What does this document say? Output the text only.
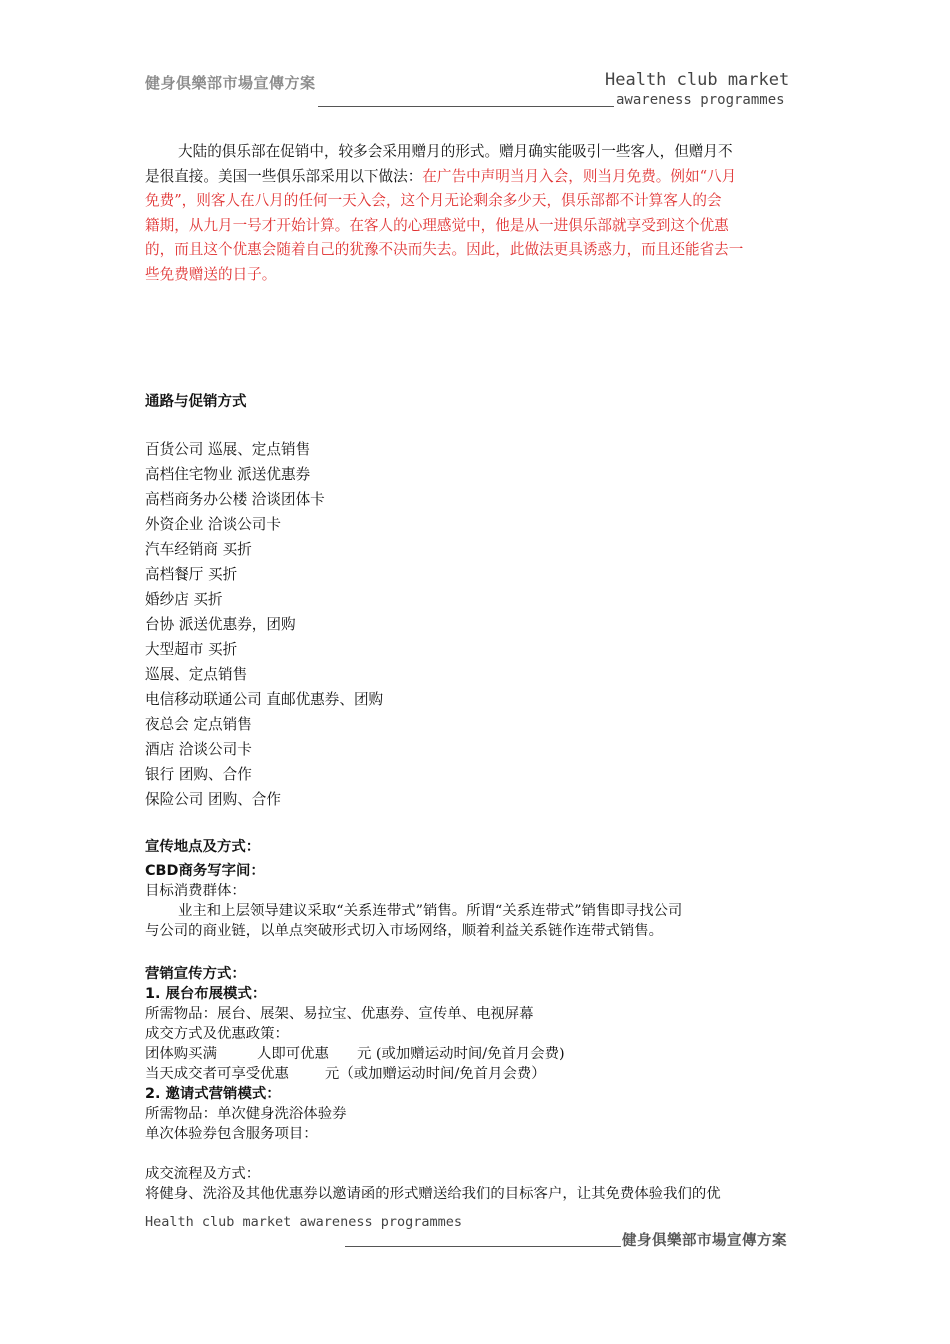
健身俱樂部市場宣傳方案	Health club market
awareness programmes
大陆的俱乐部在促销中，较多会采用赠月的形式。赠月确实能吸引一些客人，但赠月不
是很直接。美国一些俱乐部采用以下做法：在广告中声明当月入会，则当月免费。例如“八月
免费”，则客人在八月的任何一天入会，这个月无论剩余多少天，俱乐部都不计算客人的会
籍期，从九月一号才开始计算。在客人的心理感觉中，他是从一进俱乐部就享受到这个优惠
的，而且这个优惠会随着自己的犹豫不决而失去。因此，此做法更具诱惑力，而且还能省去一
些免费赠送的日子。
通路与促销方式
百货公司 巡展、定点销售
高档住宅物业 派送优惠券
高档商务办公楼 洽谈团体卡
外资企业 洽谈公司卡
汽车经销商 买折
高档餐厅 买折
婚纱店 买折
台协 派送优惠券，团购
大型超市 买折
巡展、定点销售
电信移动联通公司 直邮优惠券、团购
夜总会 定点销售
酒店 洽谈公司卡
银行 团购、合作
保险公司 团购、合作
宣传地点及方式：
CBD商务写字间：
目标消费群体：
业主和上层领导建议采取“关系连带式”销售。所谓“关系连带式”销售即寻找公司
与公司的商业链，以单点突破形式切入市场网络，顺着利益关系链作连带式销售。
营销宣传方式：
1. 展台布展模式：
所需物品：展台、展架、易拉宝、优惠券、宣传单、电视屏幕
成交方式及优惠政策：
团体购买满	人即可优惠 元 (或加赠运动时间/免首月会费)
当天成交者可享受优惠	元（或加赠运动时间/免首月会费）
2. 邀请式营销模式：
所需物品：单次健身洗浴体验券
单次体验券包含服务项目：
成交流程及方式：
将健身、洗浴及其他优惠券以邀请函的形式赠送给我们的目标客户，让其免费体验我们的优
Health club market awareness programmes
健身俱樂部市場宣傳方案
